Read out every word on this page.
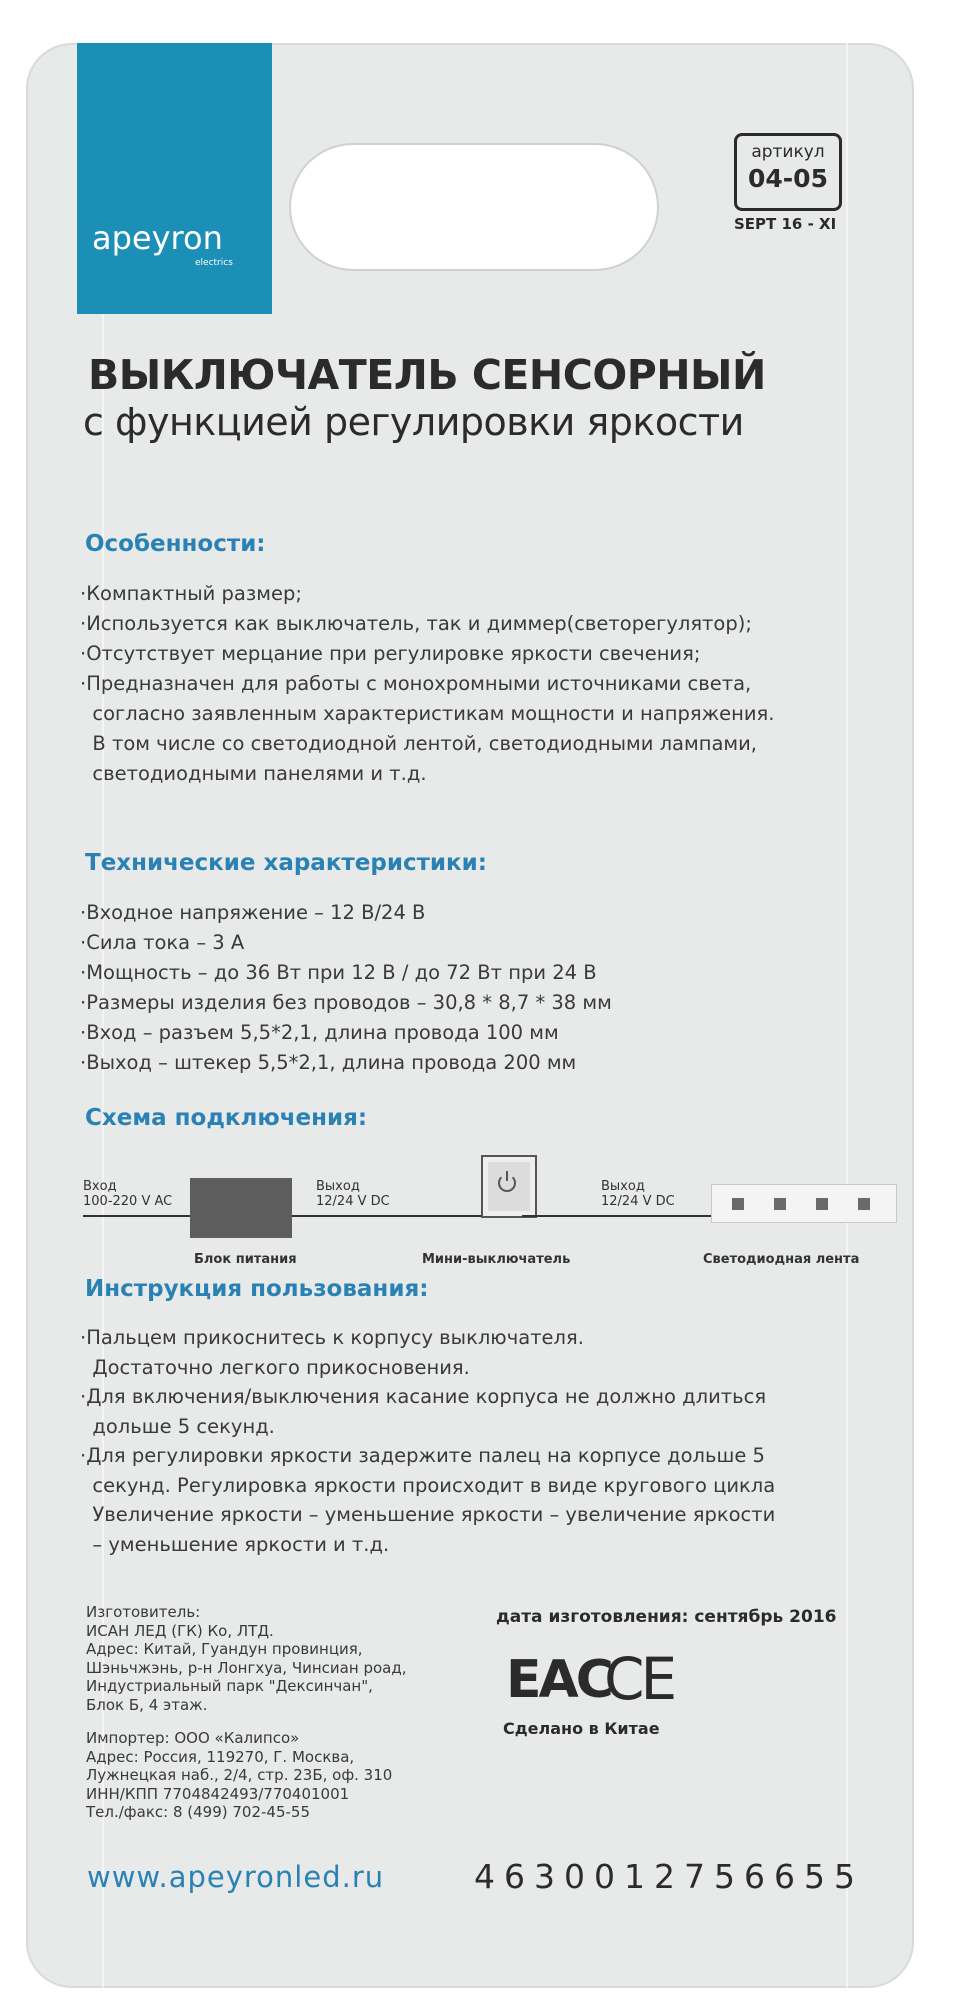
apeyron
electrics
артикул
04-05
SEPT 16 - XI
ВЫКЛЮЧАТЕЛЬ СЕНСОРНЫЙ
с функцией регулировки яркости
Особенности:

·Компактный размер;

·Используется как выключатель, так и диммер(светорегулятор);

·Отсутствует мерцание при регулировке яркости свечения;

·Предназначен для работы с монохромными источниками света,

согласно заявленным характеристикам мощности и напряжения.

В том числе со светодиодной лентой, светодиодными лампами,

светодиодными панелями и т.д.

Технические характеристики:

·Входное напряжение – 12 В/24 В

·Сила тока – 3 А

·Мощность – до 36 Вт при 12 В / до 72 Вт при 24 В

·Размеры изделия без проводов – 30,8 * 8,7 * 38 мм

·Вход – разъем 5,5*2,1, длина провода 100 мм

·Выход – штекер 5,5*2,1, длина провода 200 мм

Схема подключения:
Вход
100-220 V AC
Блок питания
Выход
12/24 V DC
Мини-выключатель
Выход
12/24 V DC
Светодиодная лента
Инструкция пользования:

·Пальцем прикоснитесь к корпусу выключателя.

Достаточно легкого прикосновения.

·Для включения/выключения касание корпуса не должно длиться

дольше 5 секунд.

·Для регулировки яркости задержите палец на корпусе дольше 5

секунд. Регулировка яркости происходит в виде кругового цикла

Увеличение яркости – уменьшение яркости – увеличение яркости

– уменьшение яркости и т.д.

Изготовитель:

ИСАН ЛЕД (ГК) Ко, ЛТД.

Адрес: Китай, Гуандун провинция,

Шэньчжэнь, р-н Лонгхуа, Чинсиан роад,

Индустриальный парк "Дексинчан",

Блок Б, 4 этаж.

Импортер: ООО «Калипсо»

Адрес: Россия, 119270, Г. Москва,

Лужнецкая наб., 2/4, стр. 23Б, оф. 310

ИНН/КПП 7704842493/770401001

Тел./факс: 8 (499) 702-45-55

дата изготовления: сентябрь 2016
EAC
CE
Сделано в Китае
www.apeyronled.ru	4630012756655
